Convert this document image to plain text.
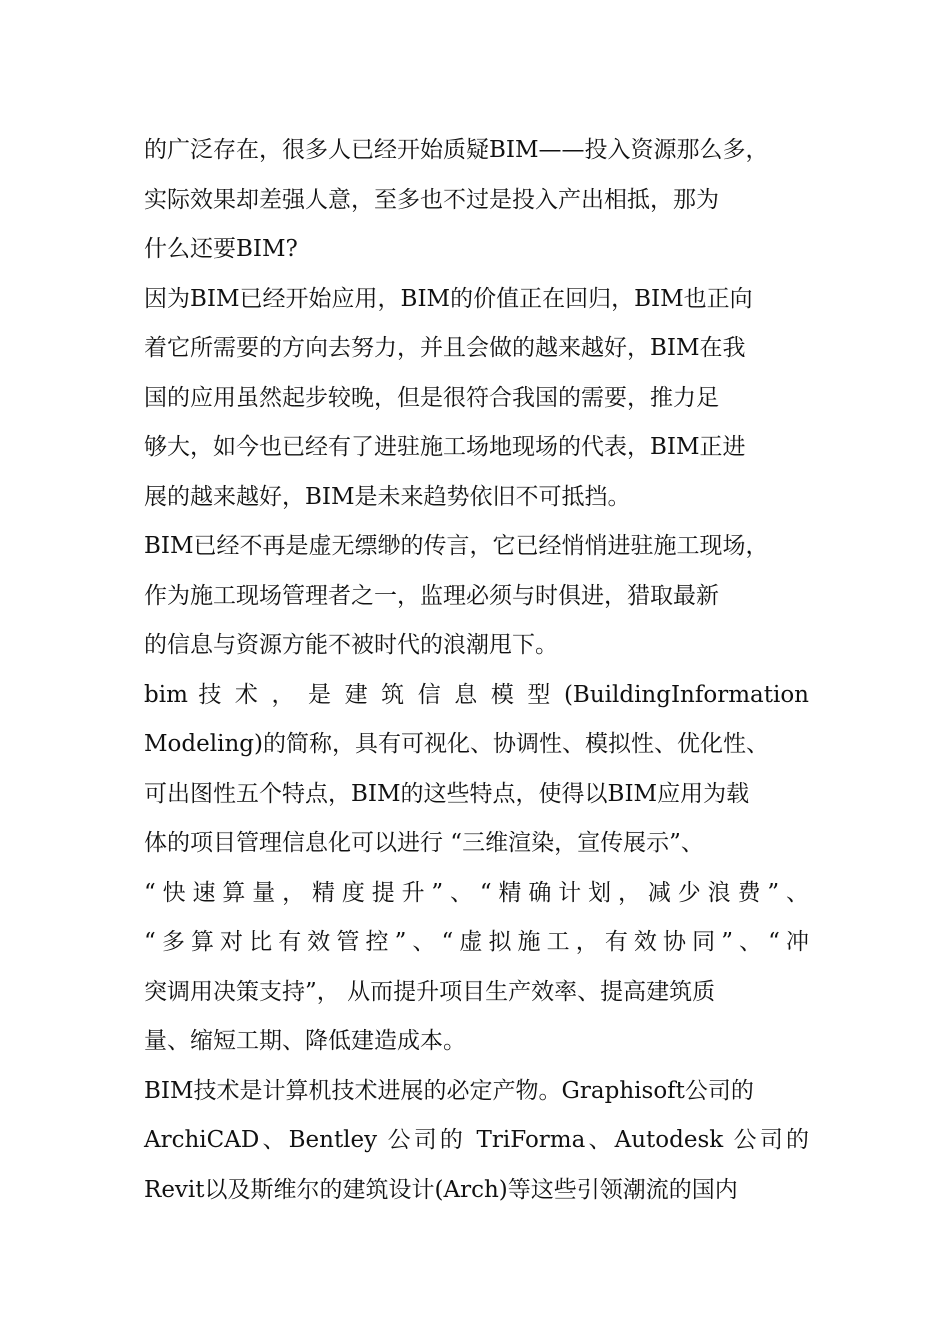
的广泛存在，很多人已经开始质疑BIM——投入资源那么多，
实际效果却差强人意，至多也不过是投入产出相抵，那为
什么还要BIM?
因为BIM已经开始应用，BIM的价值正在回归，BIM也正向
着它所需要的方向去努力，并且会做的越来越好，BIM在我
国的应用虽然起步较晚，但是很符合我国的需要，推力足
够大，如今也已经有了进驻施工场地现场的代表，BIM正进
展的越来越好，BIM是未来趋势依旧不可抵挡。
BIM已经不再是虚无缥缈的传言，它已经悄悄进驻施工现场，
作为施工现场管理者之一，监理必须与时俱进，猎取最新
的信息与资源方能不被时代的浪潮甩下。
bim 技 术 ， 是 建 筑 信 息 模 型 (BuildingInformation
Modeling)的简称，具有可视化、协调性、模拟性、优化性、
可出图性五个特点，BIM的这些特点，使得以BIM应用为载
体的项目管理信息化可以进行 “三维渲染，宣传展示”、
“快速算量，精度提升”、“精确计划，减少浪费”、
“多算对比有效管控”、“虚拟施工，有效协同”、“冲
突调用决策支持”， 从而提升项目生产效率、提高建筑质
量、缩短工期、降低建造成本。
BIM技术是计算机技术进展的必定产物。Graphisoft公司的
ArchiCAD、Bentley 公司的 TriForma、Autodesk 公司的
Revit以及斯维尔的建筑设计(Arch)等这些引领潮流的国内
